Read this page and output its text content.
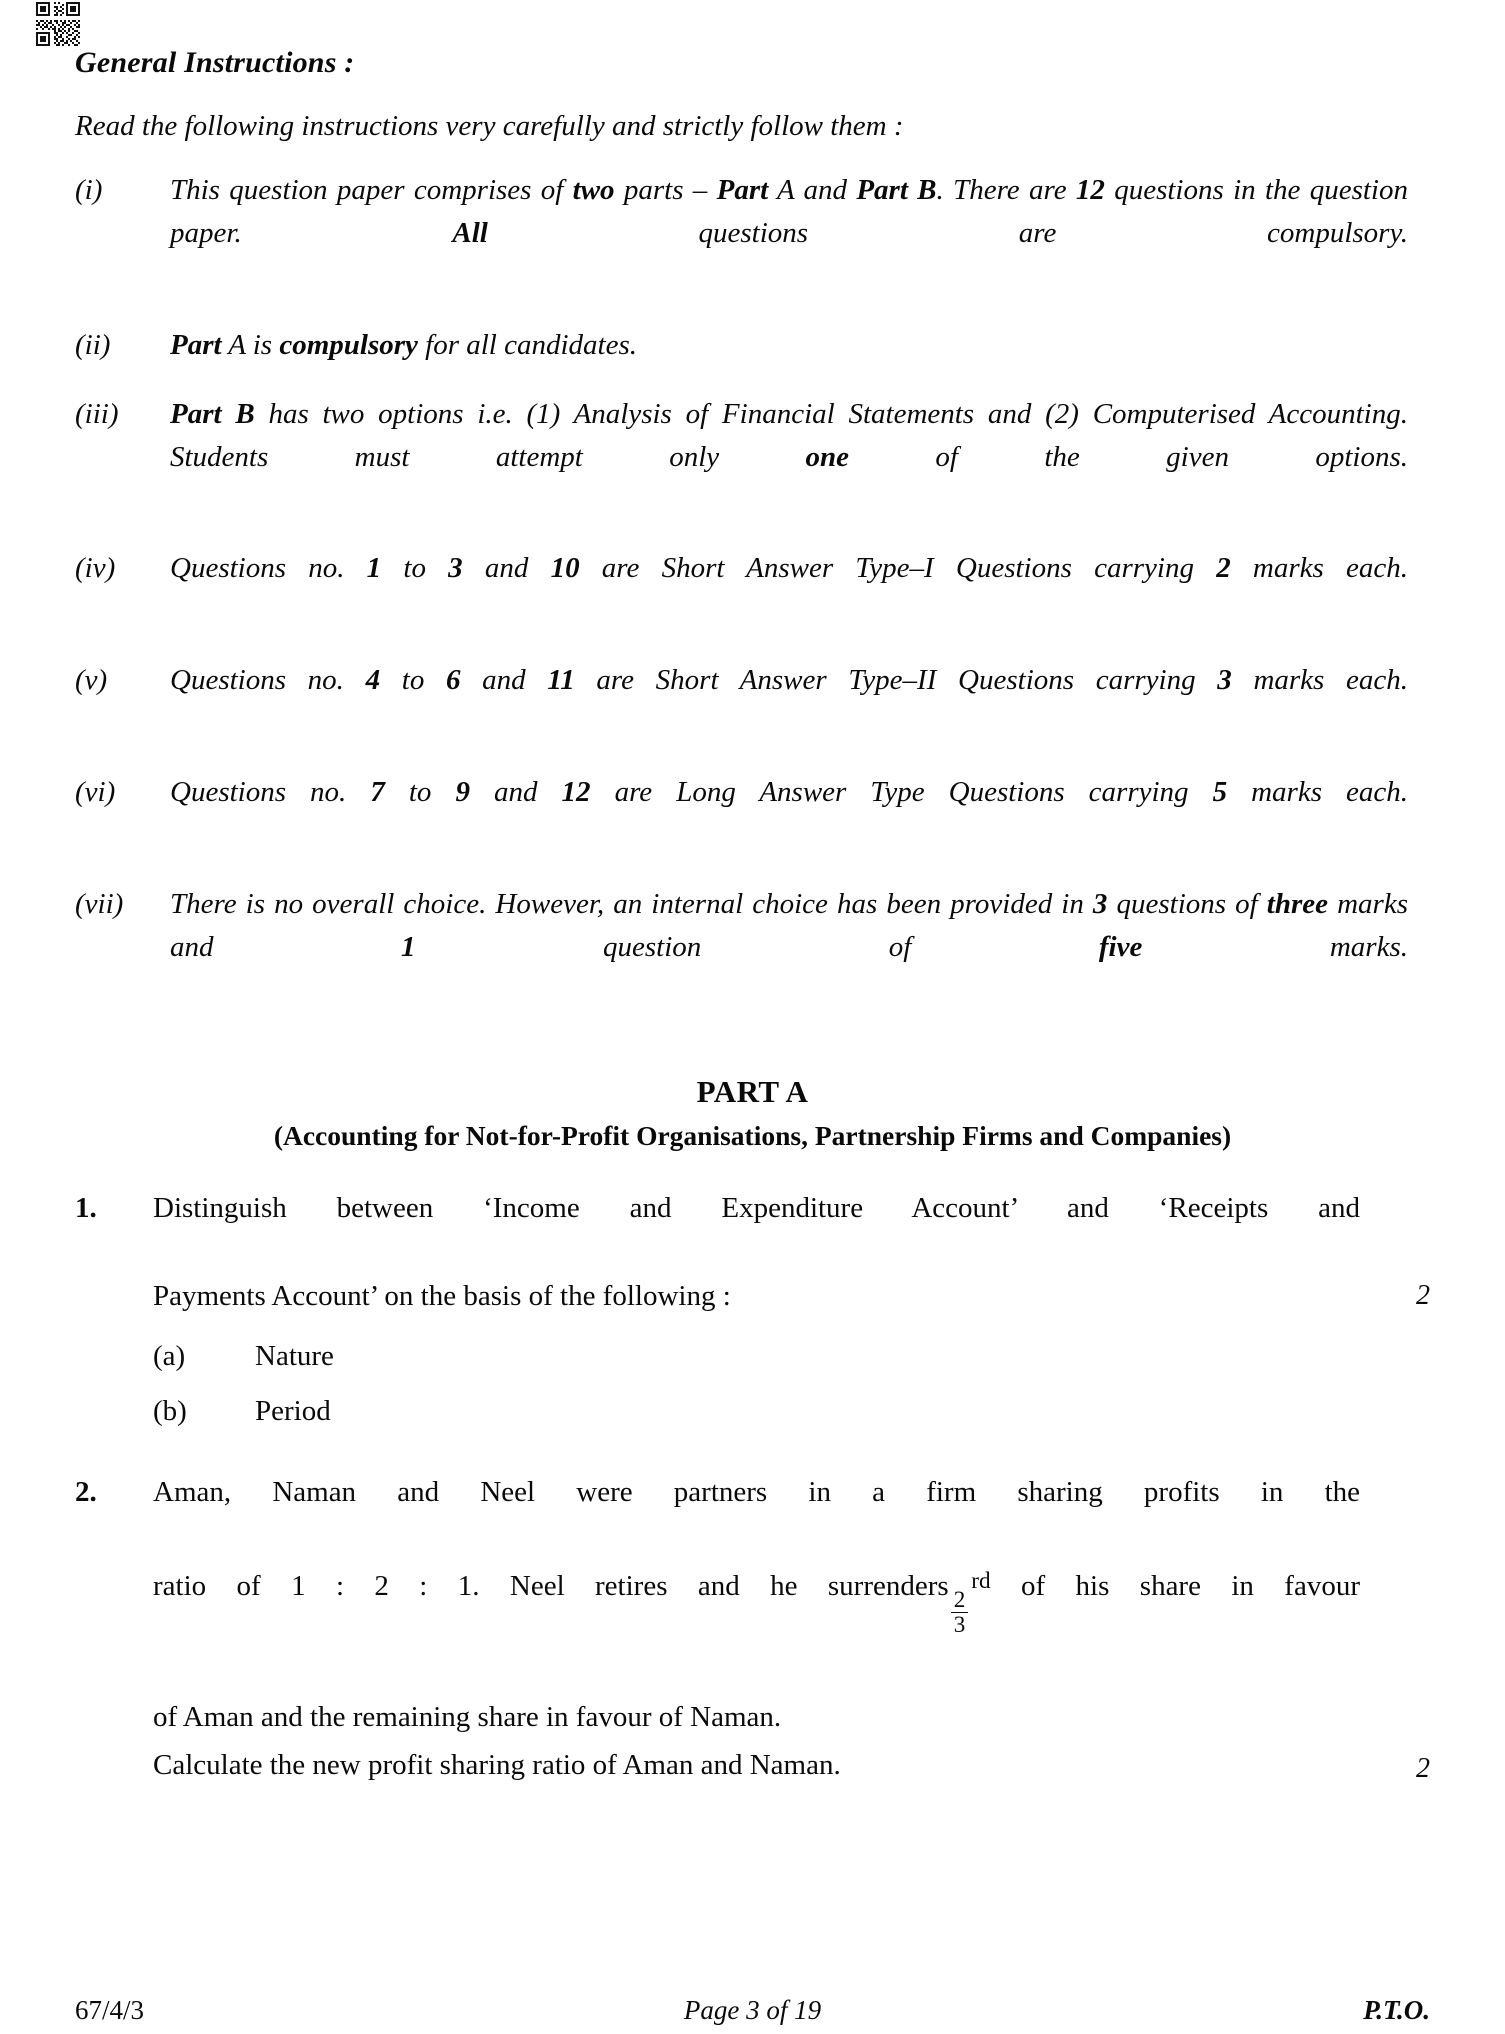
General Instructions :
Read the following instructions very carefully and strictly follow them :
(i)	This question paper comprises of two parts – Part A and Part B. There are 12 questions in the question paper. All questions are compulsory.
(ii)	Part A is compulsory for all candidates.
(iii)	Part B has two options i.e. (1) Analysis of Financial Statements and (2) Computerised Accounting. Students must attempt only one of the given options.
(iv)	Questions no. 1 to 3 and 10 are Short Answer Type–I Questions carrying 2 marks each.
(v)	Questions no. 4 to 6 and 11 are Short Answer Type–II Questions carrying 3 marks each.
(vi)	Questions no. 7 to 9 and 12 are Long Answer Type Questions carrying 5 marks each.
(vii)	There is no overall choice. However, an internal choice has been provided in 3 questions of three marks and 1 question of five marks.
PART A
(Accounting for Not-for-Profit Organisations, Partnership Firms and Companies)
1.	Distinguish between ‘Income and Expenditure Account’ and ‘Receipts and
Payments Account’ on the basis of the following :	2
(a)	Nature
(b)	Period
2.	Aman, Naman and Neel were partners in a firm sharing profits in the
ratio of 1 : 2 : 1. Neel retires and he surrenders
$\frac{2}{3}$
$^{rd}$ of his share in favour
of Aman and the remaining share in favour of Naman.
Calculate the new profit sharing ratio of Aman and Naman.	2
67/4/3	Page 3 of 19	P.T.O.
